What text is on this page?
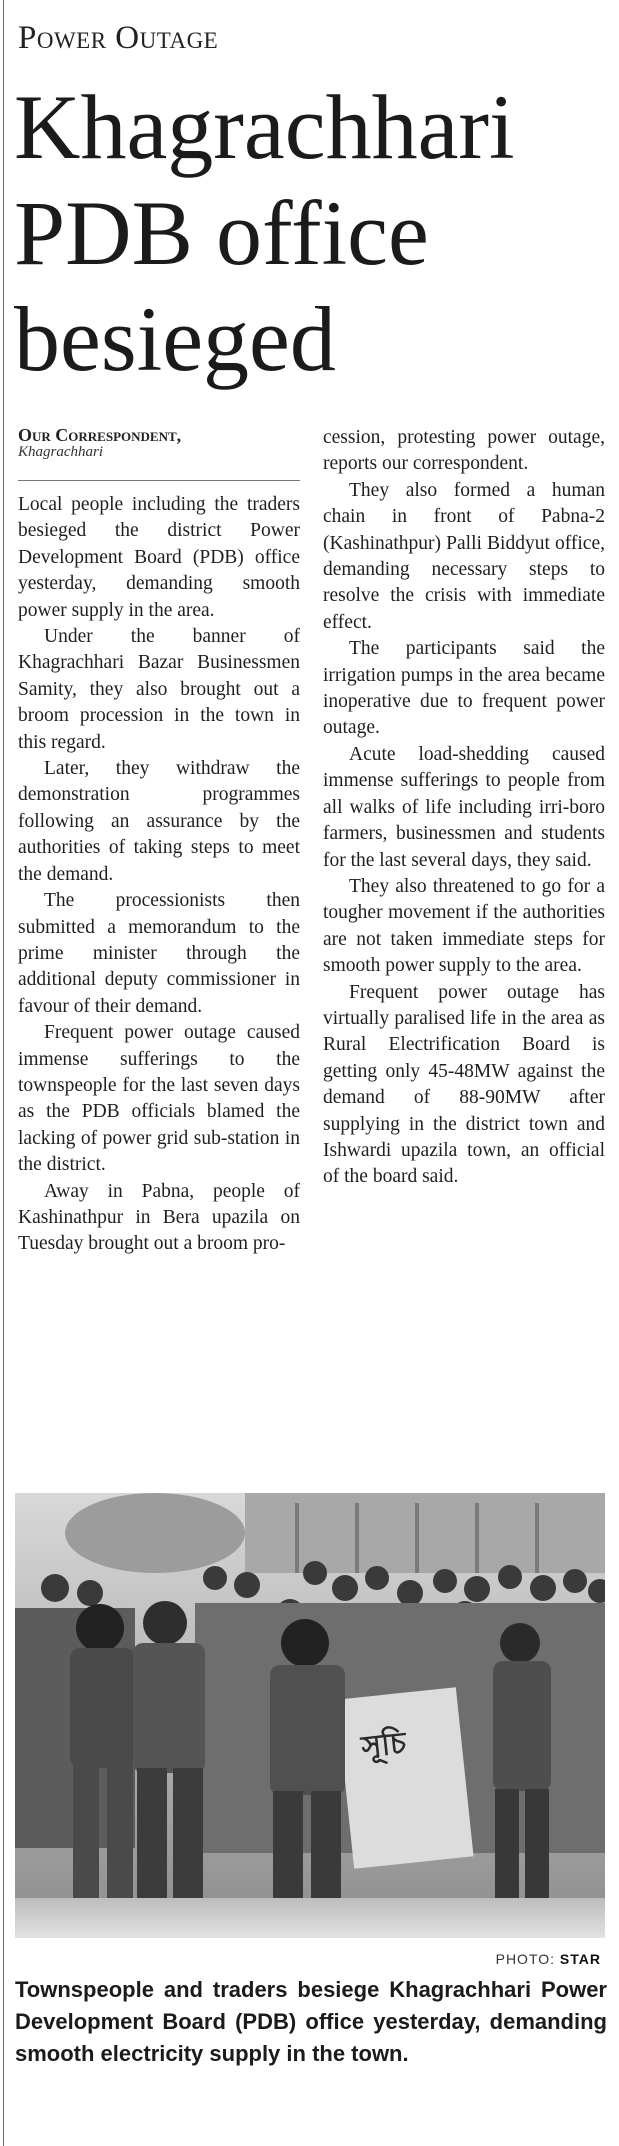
Power Outage
Khagrachhari PDB office besieged
Our Correspondent,
Khagrachhari

Local people including the traders besieged the district Power Development Board (PDB) office yesterday, demanding smooth power supply in the area.

Under the banner of Khagrachhari Bazar Businessmen Samity, they also brought out a broom procession in the town in this regard.

Later, they withdraw the demonstration programmes following an assurance by the authorities of taking steps to meet the demand.

The processionists then submitted a memorandum to the prime minister through the additional deputy commissioner in favour of their demand.

Frequent power outage caused immense sufferings to the townspeople for the last seven days as the PDB officials blamed the lacking of power grid sub-station in the district.

Away in Pabna, people of Kashinathpur in Bera upazila on Tuesday brought out a broom pro-

cession, protesting power outage, reports our correspondent.

They also formed a human chain in front of Pabna-2 (Kashinathpur) Palli Biddyut office, demanding necessary steps to resolve the crisis with immediate effect.

The participants said the irrigation pumps in the area became inoperative due to frequent power outage.

Acute load-shedding caused immense sufferings to people from all walks of life including irri-boro farmers, businessmen and students for the last several days, they said.

They also threatened to go for a tougher movement if the authorities are not taken immediate steps for smooth power supply to the area.

Frequent power outage has virtually paralised life in the area as Rural Electrification Board is getting only 45-48MW against the demand of 88-90MW after supplying in the district town and Ishwardi upazila town, an official of the board said.

সূচি
PHOTO: STAR
Townspeople and traders besiege Khagrachhari Power Development Board (PDB) office yesterday, demanding smooth electricity supply in the town.
